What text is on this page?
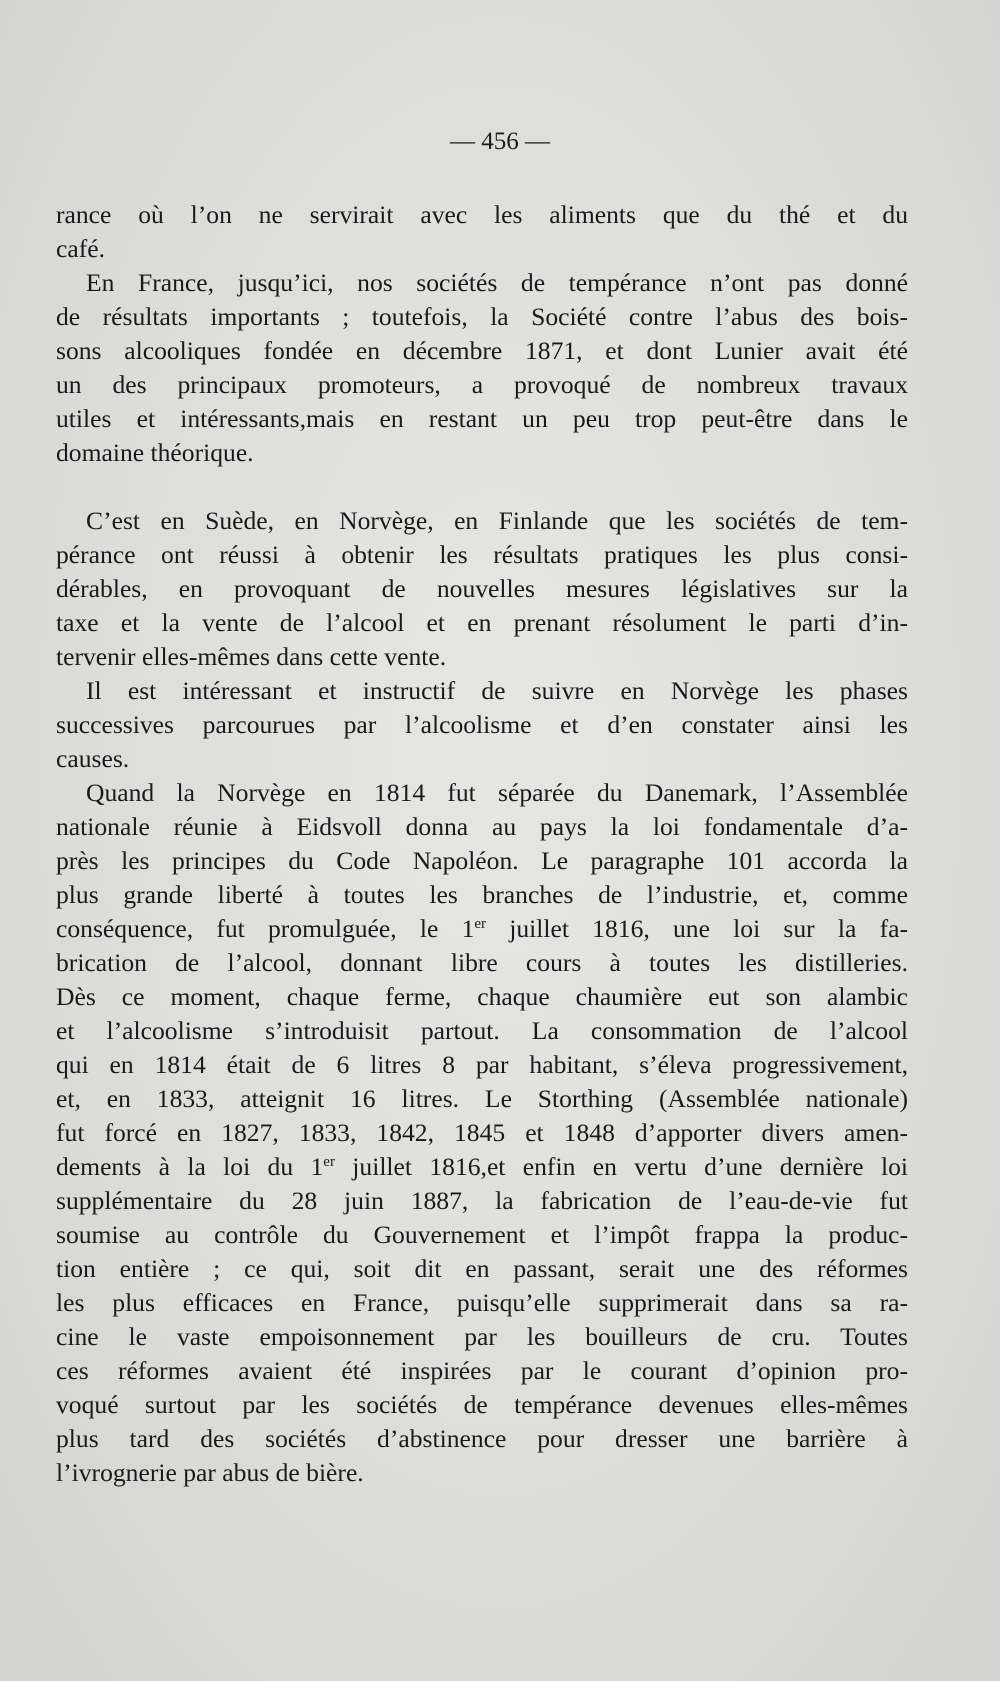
— 456 —
rance où l’on ne servirait avec les aliments que du thé et du
café.
En France, jusqu’ici, nos sociétés de tempérance n’ont pas donné
de résultats importants ; toutefois, la Société contre l’abus des bois-
sons alcooliques fondée en décembre 1871, et dont Lunier avait été
un des principaux promoteurs, a provoqué de nombreux travaux
utiles et intéressants,mais en restant un peu trop peut-être dans le
domaine théorique.
C’est en Suède, en Norvège, en Finlande que les sociétés de tem-
pérance ont réussi à obtenir les résultats pratiques les plus consi-
dérables, en provoquant de nouvelles mesures législatives sur la
taxe et la vente de l’alcool et en prenant résolument le parti d’in-
tervenir elles-mêmes dans cette vente.
Il est intéressant et instructif de suivre en Norvège les phases
successives parcourues par l’alcoolisme et d’en constater ainsi les
causes.
Quand la Norvège en 1814 fut séparée du Danemark, l’Assemblée
nationale réunie à Eidsvoll donna au pays la loi fondamentale d’a-
près les principes du Code Napoléon. Le paragraphe 101 accorda la
plus grande liberté à toutes les branches de l’industrie, et, comme
conséquence, fut promulguée, le 1er juillet 1816, une loi sur la fa-
brication de l’alcool, donnant libre cours à toutes les distilleries.
Dès ce moment, chaque ferme, chaque chaumière eut son alambic
et l’alcoolisme s’introduisit partout. La consommation de l’alcool
qui en 1814 était de 6 litres 8 par habitant, s’éleva progressivement,
et, en 1833, atteignit 16 litres. Le Storthing (Assemblée nationale)
fut forcé en 1827, 1833, 1842, 1845 et 1848 d’apporter divers amen-
dements à la loi du 1er juillet 1816,et enfin en vertu d’une dernière loi
supplémentaire du 28 juin 1887, la fabrication de l’eau-de-vie fut
soumise au contrôle du Gouvernement et l’impôt frappa la produc-
tion entière ; ce qui, soit dit en passant, serait une des réformes
les plus efficaces en France, puisqu’elle supprimerait dans sa ra-
cine le vaste empoisonnement par les bouilleurs de cru. Toutes
ces réformes avaient été inspirées par le courant d’opinion pro-
voqué surtout par les sociétés de tempérance devenues elles-mêmes
plus tard des sociétés d’abstinence pour dresser une barrière à
l’ivrognerie par abus de bière.
